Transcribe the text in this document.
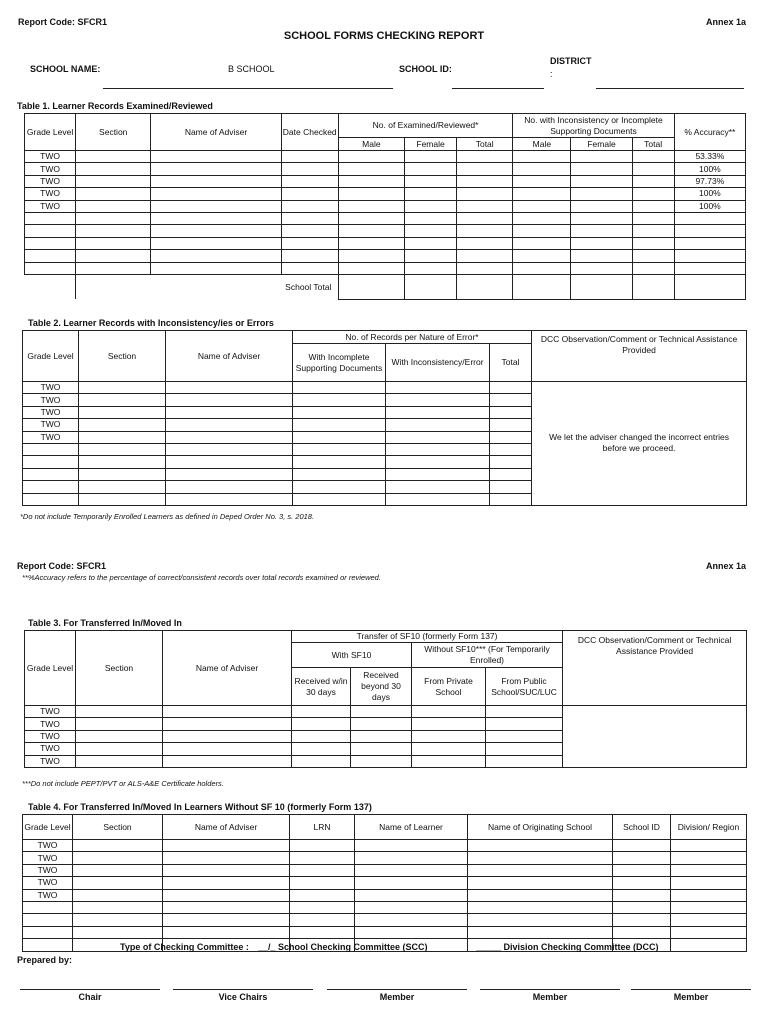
Report Code: SFCR1	Annex 1a
SCHOOL FORMS CHECKING REPORT
SCHOOL NAME:	B SCHOOL	SCHOOL ID:
DISTRICT
:
Table 1. Learner Records Examined/Reviewed
Grade Level	Section	Name of Adviser	Date Checked	No. of Examined/Reviewed*			No. with Inconsistency or Incomplete Supporting Documents			% Accuracy**
				Male	Female	Total	Male	Female	Total	
TWO										53.33%
TWO										100%
TWO										97.73%
TWO										100%
TWO										100%

			School Total							
Table 2. Learner Records with Inconsistency/ies or Errors
Grade Level	Section	Name of Adviser	No. of Records per Nature of Error*			DCC Observation/Comment or Technical Assistance Provided
			With Incomplete Supporting Documents	With Inconsistency/Error	Total	
TWO						We let the adviser changed the incorrect entries before we proceed.
TWO						
TWO						
TWO						
TWO						

*Do not include Temporarily Enrolled Learners as defined in Deped Order No. 3, s. 2018.
Report Code: SFCR1	Annex 1a
**%Accuracy refers to the percentage of correct/consistent records over total records examined or reviewed.
Table 3. For Transferred In/Moved In
Grade Level	Section	Name of Adviser	Transfer of SF10 (formerly Form 137)				DCC Observation/Comment or Technical Assistance Provided
			With SF10		Without SF10*** (For Temporarily Enrolled)		
			Received w/in 30 days	Received beyond 30 days	From Private School	From Public School/SUC/LUC	
TWO							
TWO							
TWO							
TWO							
TWO							
***Do not include PEPT/PVT or ALS-A&E Certificate holders.
Table 4. For Transferred In/Moved In Learners Without SF 10 (formerly Form 137)
Grade Level	Section	Name of Adviser	LRN	Name of Learner	Name of Originating School	School ID	Division/ Region
TWO							
TWO							
TWO							
TWO							
TWO							

Type of Checking Committee : __/_ School Checking Committee (SCC)	_____ Division Checking Committee (DCC)
Prepared by:
Chair	Vice Chairs	Member	Member	Member
